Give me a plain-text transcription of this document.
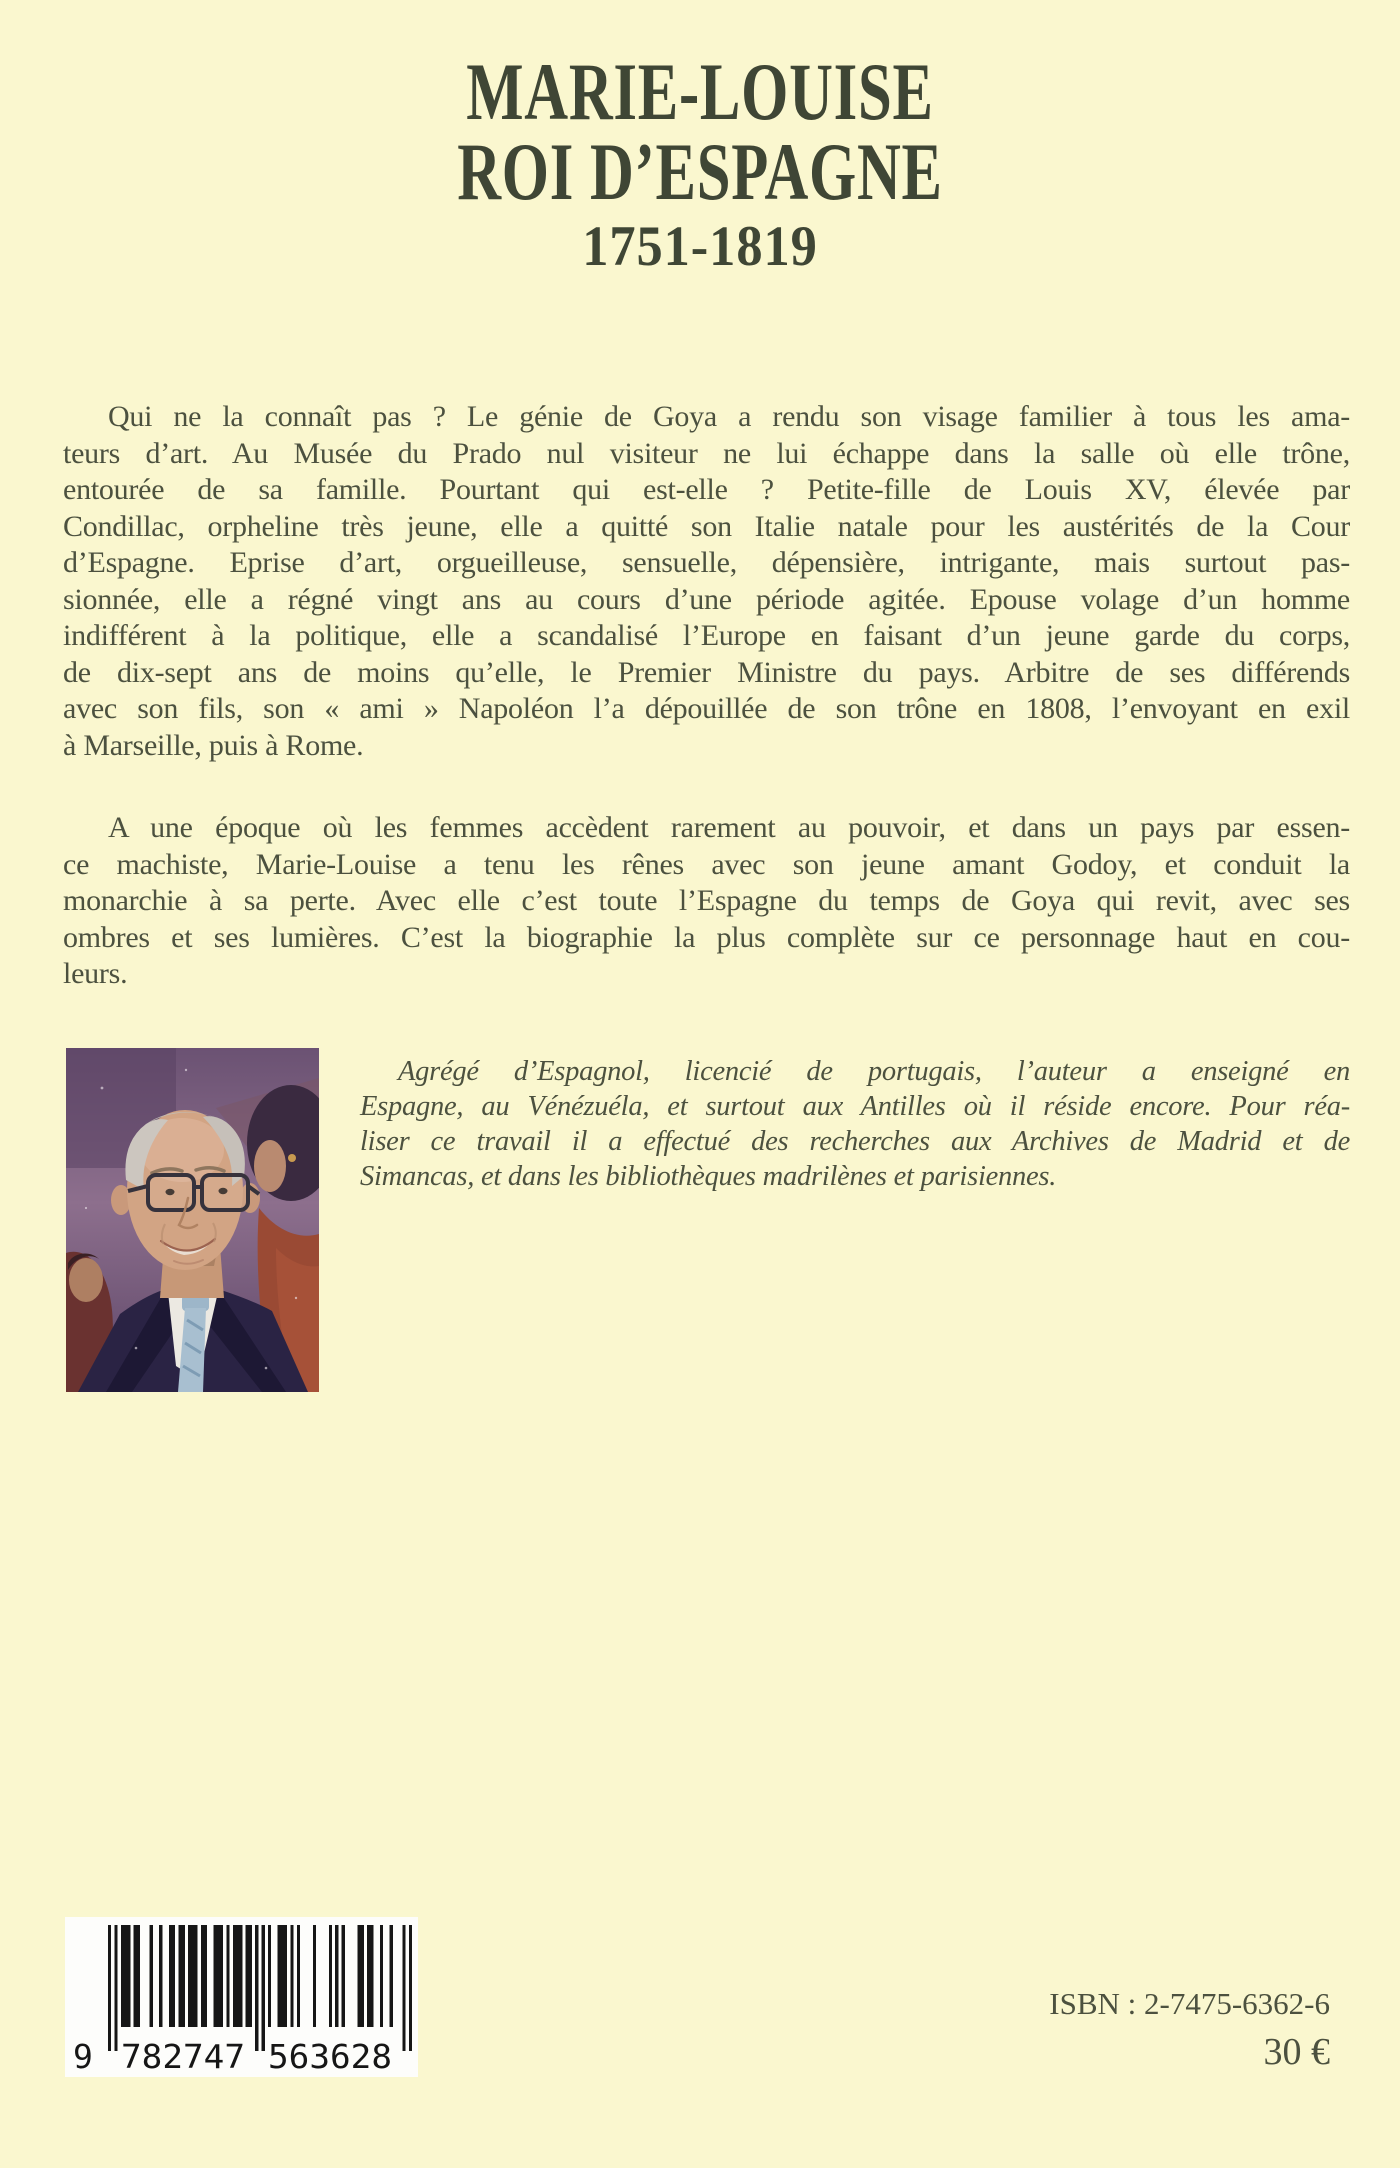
MARIE-LOUISE
ROI D’ESPAGNE
1751-1819
Qui ne la connaît pas ? Le génie de Goya a rendu son visage familier à tous les ama-
teurs d’art. Au Musée du Prado nul visiteur ne lui échappe dans la salle où elle trône,
entourée de sa famille. Pourtant qui est-elle ? Petite-fille de Louis XV, élevée par
Condillac, orpheline très jeune, elle a quitté son Italie natale pour les austérités de la Cour
d’Espagne. Eprise d’art, orgueilleuse, sensuelle, dépensière, intrigante, mais surtout pas-
sionnée, elle a régné vingt ans au cours d’une période agitée. Epouse volage d’un homme
indifférent à la politique, elle a scandalisé l’Europe en faisant d’un jeune garde du corps,
de dix-sept ans de moins qu’elle, le Premier Ministre du pays. Arbitre de ses différends
avec son fils, son « ami » Napoléon l’a dépouillée de son trône en 1808, l’envoyant en exil
à Marseille, puis à Rome.
A une époque où les femmes accèdent rarement au pouvoir, et dans un pays par essen-
ce machiste, Marie-Louise a tenu les rênes avec son jeune amant Godoy, et conduit la
monarchie à sa perte. Avec elle c’est toute l’Espagne du temps de Goya qui revit, avec ses
ombres et ses lumières. C’est la biographie la plus complète sur ce personnage haut en cou-
leurs.
Agrégé d’Espagnol, licencié de portugais, l’auteur a enseigné en
Espagne, au Vénézuéla, et surtout aux Antilles où il réside encore. Pour réa-
liser ce travail il a effectué des recherches aux Archives de Madrid et de
Simancas, et dans les bibliothèques madrilènes et parisiennes.
9 782747 563628
ISBN : 2-7475-6362-6
30 €
